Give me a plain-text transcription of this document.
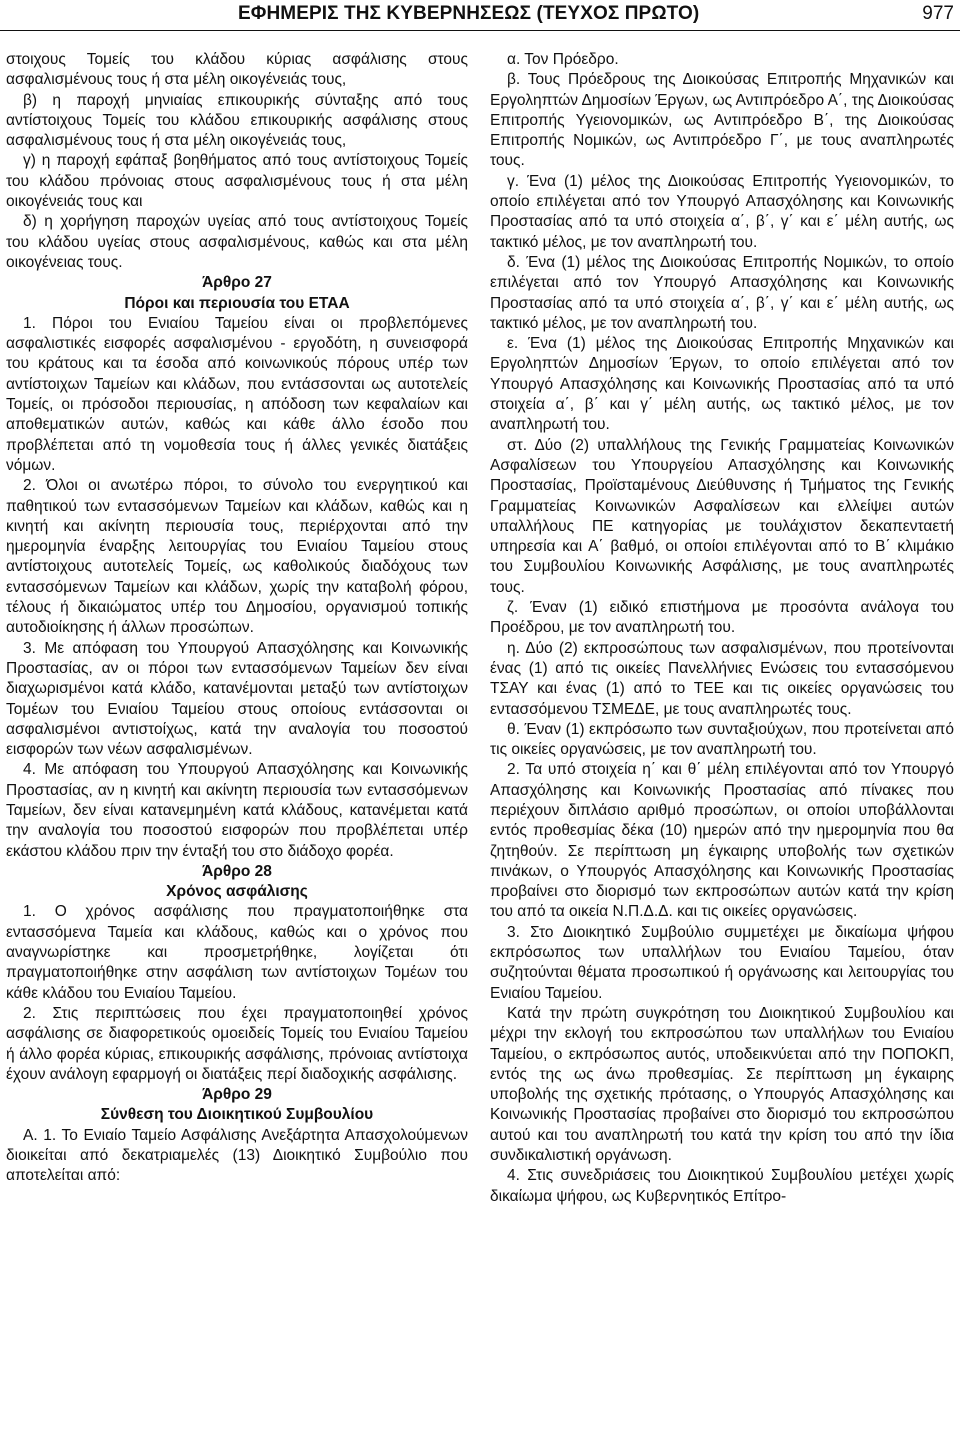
ΕΦΗΜΕΡΙΣ ΤΗΣ ΚΥΒΕΡΝΗΣΕΩΣ (ΤΕΥΧΟΣ ΠΡΩΤΟ)	977

στοιχους Τομείς του κλάδου κύριας ασφάλισης στους ασφαλισμένους τους ή στα μέλη οικογένειάς τους,

β) η παροχή μηνιαίας επικουρικής σύνταξης από τους αντίστοιχους Τομείς του κλάδου επικουρικής ασφάλισης στους ασφαλισμένους τους ή στα μέλη οικογένειάς τους,

γ) η παροχή εφάπαξ βοηθήματος από τους αντίστοιχους Τομείς του κλάδου πρόνοιας στους ασφαλισμένους τους ή στα μέλη οικογένειάς τους και

δ) η χορήγηση παροχών υγείας από τους αντίστοιχους Τομείς του κλάδου υγείας στους ασφαλισμένους, καθώς και στα μέλη οικογένειας τους.

Άρθρο 27

Πόροι και περιουσία του ΕΤΑΑ

1. Πόροι του Ενιαίου Ταμείου είναι οι προβλεπόμενες ασφαλιστικές εισφορές ασφαλισμένου - εργοδότη, η συνεισφορά του κράτους και τα έσοδα από κοινωνικούς πόρους υπέρ των αντίστοιχων Ταμείων και κλάδων, που εντάσσονται ως αυτοτελείς Τομείς, οι πρόσοδοι περιουσίας, η απόδοση των κεφαλαίων και αποθεματικών αυτών, καθώς και κάθε άλλο έσοδο που προβλέπεται από τη νομοθεσία τους ή άλλες γενικές διατάξεις νόμων.

2. Όλοι οι ανωτέρω πόροι, το σύνολο του ενεργητικού και παθητικού των εντασσόμενων Ταμείων και κλάδων, καθώς και η κινητή και ακίνητη περιουσία τους, περιέρχονται από την ημερομηνία έναρξης λειτουργίας του Ενιαίου Ταμείου στους αντίστοιχους αυτοτελείς Τομείς, ως καθολικούς διαδόχους των εντασσόμενων Ταμείων και κλάδων, χωρίς την καταβολή φόρου, τέλους ή δικαιώματος υπέρ του Δημοσίου, οργανισμού τοπικής αυτοδιοίκησης ή άλλων προσώπων.

3. Με απόφαση του Υπουργού Απασχόλησης και Κοινωνικής Προστασίας, αν οι πόροι των εντασσόμενων Ταμείων δεν είναι διαχωρισμένοι κατά κλάδο, κατανέμονται μεταξύ των αντίστοιχων Τομέων του Ενιαίου Ταμείου στους οποίους εντάσσονται οι ασφαλισμένοι αντιστοίχως, κατά την αναλογία του ποσοστού εισφορών των νέων ασφαλισμένων.

4. Με απόφαση του Υπουργού Απασχόλησης και Κοινωνικής Προστασίας, αν η κινητή και ακίνητη περιουσία των εντασσόμενων Ταμείων, δεν είναι κατανεμημένη κατά κλάδους, κατανέμεται κατά την αναλογία του ποσοστού εισφορών που προβλέπεται υπέρ εκάστου κλάδου πριν την ένταξή του στο διάδοχο φορέα.

Άρθρο 28

Χρόνος ασφάλισης

1. Ο χρόνος ασφάλισης που πραγματοποιήθηκε στα εντασσόμενα Ταμεία και κλάδους, καθώς και ο χρόνος που αναγνωρίστηκε και προσμετρήθηκε, λογίζεται ότι πραγματοποιήθηκε στην ασφάλιση των αντίστοιχων Τομέων του κάθε κλάδου του Ενιαίου Ταμείου.

2. Στις περιπτώσεις που έχει πραγματοποιηθεί χρόνος ασφάλισης σε διαφορετικούς ομοειδείς Τομείς του Ενιαίου Ταμείου ή άλλο φορέα κύριας, επικουρικής ασφάλισης, πρόνοιας αντίστοιχα έχουν ανάλογη εφαρμογή οι διατάξεις περί διαδοχικής ασφάλισης.

Άρθρο 29

Σύνθεση του Διοικητικού Συμβουλίου

Α. 1. Το Ενιαίο Ταμείο Ασφάλισης Ανεξάρτητα Απασχολούμενων διοικείται από δεκατριαμελές (13) Διοικητικό Συμβούλιο που αποτελείται από:

α. Τον Πρόεδρο.

β. Τους Πρόεδρους της Διοικούσας Επιτροπής Μηχανικών και Εργοληπτών Δημοσίων Έργων, ως Αντιπρόεδρο Α΄, της Διοικούσας Επιτροπής Υγειονομικών, ως Αντιπρόεδρο Β΄, της Διοικούσας Επιτροπής Νομικών, ως Αντιπρόεδρο Γ΄, με τους αναπληρωτές τους.

γ. Ένα (1) μέλος της Διοικούσας Επιτροπής Υγειονομικών, το οποίο επιλέγεται από τον Υπουργό Απασχόλησης και Κοινωνικής Προστασίας από τα υπό στοιχεία α΄, β΄, γ΄ και ε΄ μέλη αυτής, ως τακτικό μέλος, με τον αναπληρωτή του.

δ. Ένα (1) μέλος της Διοικούσας Επιτροπής Νομικών, το οποίο επιλέγεται από τον Υπουργό Απασχόλησης και Κοινωνικής Προστασίας από τα υπό στοιχεία α΄, β΄, γ΄ και ε΄ μέλη αυτής, ως τακτικό μέλος, με τον αναπληρωτή του.

ε. Ένα (1) μέλος της Διοικούσας Επιτροπής Μηχανικών και Εργοληπτών Δημοσίων Έργων, το οποίο επιλέγεται από τον Υπουργό Απασχόλησης και Κοινωνικής Προστασίας από τα υπό στοιχεία α΄, β΄ και γ΄ μέλη αυτής, ως τακτικό μέλος, με τον αναπληρωτή του.

στ. Δύο (2) υπαλλήλους της Γενικής Γραμματείας Κοινωνικών Ασφαλίσεων του Υπουργείου Απασχόλησης και Κοινωνικής Προστασίας, Προϊσταμένους Διεύθυνσης ή Τμήματος της Γενικής Γραμματείας Κοινωνικών Ασφαλίσεων και ελλείψει αυτών υπαλλήλους ΠΕ κατηγορίας με τουλάχιστον δεκαπενταετή υπηρεσία και Α΄ βαθμό, οι οποίοι επιλέγονται από το Β΄ κλιμάκιο του Συμβουλίου Κοινωνικής Ασφάλισης, με τους αναπληρωτές τους.

ζ. Έναν (1) ειδικό επιστήμονα με προσόντα ανάλογα του Προέδρου, με τον αναπληρωτή του.

η. Δύο (2) εκπροσώπους των ασφαλισμένων, που προτείνονται ένας (1) από τις οικείες Πανελλήνιες Ενώσεις του εντασσόμενου ΤΣΑΥ και ένας (1) από το ΤΕΕ και τις οικείες οργανώσεις του εντασσόμενου ΤΣΜΕΔΕ, με τους αναπληρωτές τους.

θ. Έναν (1) εκπρόσωπο των συνταξιούχων, που προτείνεται από τις οικείες οργανώσεις, με τον αναπληρωτή του.

2. Τα υπό στοιχεία η΄ και θ΄ μέλη επιλέγονται από τον Υπουργό Απασχόλησης και Κοινωνικής Προστασίας από πίνακες που περιέχουν διπλάσιο αριθμό προσώπων, οι οποίοι υποβάλλονται εντός προθεσμίας δέκα (10) ημερών από την ημερομηνία που θα ζητηθούν. Σε περίπτωση μη έγκαιρης υποβολής των σχετικών πινάκων, ο Υπουργός Απασχόλησης και Κοινωνικής Προστασίας προβαίνει στο διορισμό των εκπροσώπων αυτών κατά την κρίση του από τα οικεία Ν.Π.Δ.Δ. και τις οικείες οργανώσεις.

3. Στο Διοικητικό Συμβούλιο συμμετέχει με δικαίωμα ψήφου εκπρόσωπος των υπαλλήλων του Ενιαίου Ταμείου, όταν συζητούνται θέματα προσωπικού ή οργάνωσης και λειτουργίας του Ενιαίου Ταμείου.

Κατά την πρώτη συγκρότηση του Διοικητικού Συμβουλίου και μέχρι την εκλογή του εκπροσώπου των υπαλλήλων του Ενιαίου Ταμείου, ο εκπρόσωπος αυτός, υποδεικνύεται από την ΠΟΠΟΚΠ, εντός της ως άνω προθεσμίας. Σε περίπτωση μη έγκαιρης υποβολής της σχετικής πρότασης, ο Υπουργός Απασχόλησης και Κοινωνικής Προστασίας προβαίνει στο διορισμό του εκπροσώπου αυτού και του αναπληρωτή του κατά την κρίση του από την ίδια συνδικαλιστική οργάνωση.

4. Στις συνεδριάσεις του Διοικητικού Συμβουλίου μετέχει χωρίς δικαίωμα ψήφου, ως Κυβερνητικός Επίτρο-
